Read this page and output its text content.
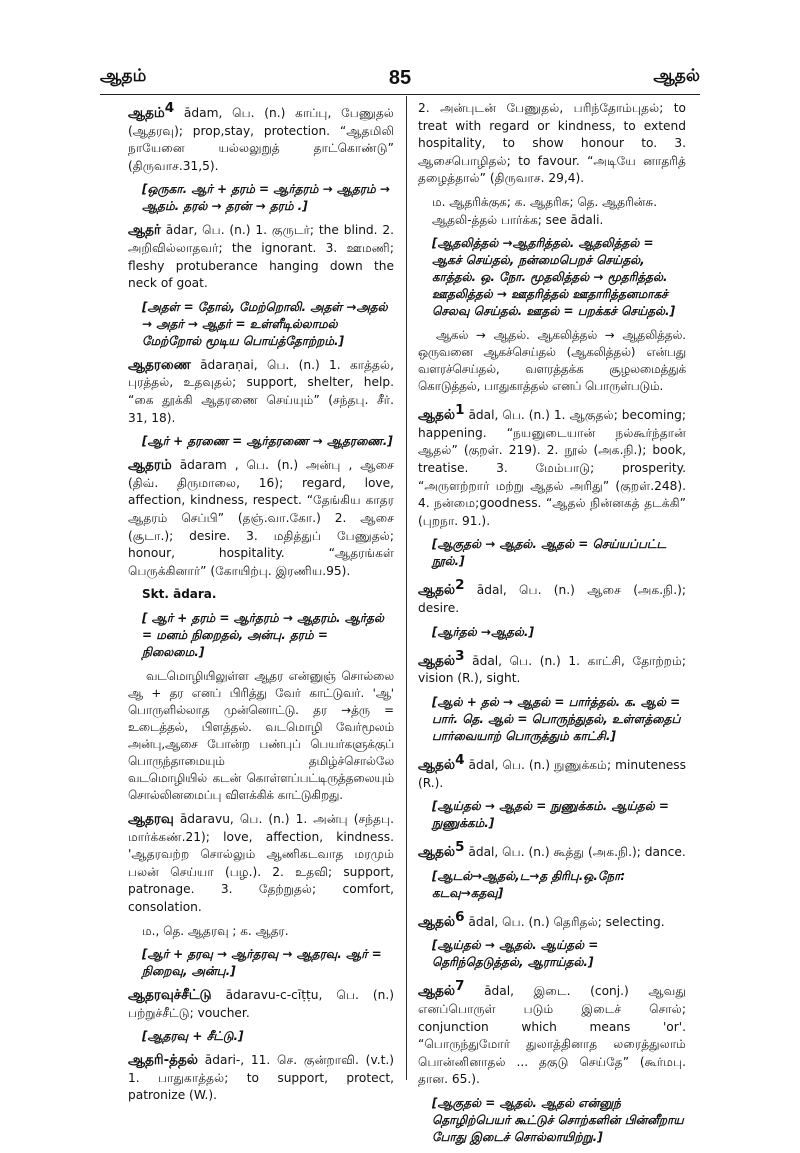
ஆதம்	85	ஆதல்
ஆதம்$^4$ ādam, பெ. (n.) காப்பு, பேணுதல் (ஆதரவு); prop,stay, protection. “ஆதமிலி நாயேனை யல்லலுறுத் தாட்கொண்டு” (திருவாச.31,5).
[ஒருகா. ஆர் + தரம் = ஆர்தரம் → ஆதரம் → ஆதம். தரல் → தரன் → தரம் .]
ஆதர் ādar, பெ. (n.) 1. குருடர்; the blind. 2. அறிவில்லாதவர்; the ignorant. 3. ஊமணி; fleshy protuberance hanging down the neck of goat.
[அதள் = தோல், மேற்றொலி. அதள் →அதல் → அதர் → ஆதர் = உள்ளீடில்லாமல் மேற்றோல் மூடிய பொய்த்தோற்றம்.]
ஆதரணை ādaraṇai, பெ. (n.) 1. காத்தல், புரத்தல், உதவுதல்; support, shelter, help. “கை தூக்கி ஆதரணை செய்யும்” (சந்தபு. சீர். 31, 18).
[ஆர் + தரணை = ஆர்தரணை → ஆதரணை.]
ஆதரம் ādaram , பெ. (n.) அன்பு , ஆசை (திவ். திருமாலை, 16); regard, love, affection, kindness, respect. “தேங்கிய காதர ஆதரம் செப்பி” (தஞ்.வா.கோ.) 2. ஆசை (சூடா.); desire. 3. மதித்துப் பேணுதல்; honour, hospitality. “ஆதரங்கள் பெருக்கினார்” (கோயிற்பு. இரணிய.95).
Skt. ādara.
[ ஆர் + தரம் = ஆர்தரம் → ஆதரம். ஆர்தல் = மனம் நிறைதல், அன்பு. தரம் = நிலைமை.]
வடமொழியிலுள்ள ஆதர என்னுஞ் சொல்லை ஆ + தர எனப் பிரித்து வேர் காட்டுவர். 'ஆ' பொருளில்லாத முன்னொட்டு. தர →த்ரு = உடைத்தல், பிளத்தல். வடமொழி வேர்மூலம் அன்பு,ஆசை போன்ற பண்புப் பெயர்களுக்குப் பொருந்தாமையும் தமிழ்ச்சொல்லே வடமொழியில் கடன் கொள்ளப்பட்டிருத்தலையும் சொல்லினமைப்பு விளக்கிக் காட்டுகிறது.
ஆதரவு ādaravu, பெ. (n.) 1. அன்பு (சந்தபு. மார்க்கண்.21); love, affection, kindness. 'ஆதரவற்ற சொல்லும் ஆணிகடவாத மரமும் பலன் செய்யா (பழ.). 2. உதவி; support, patronage. 3. தேற்றுதல்; comfort, consolation.
ம., தெ. ஆதரவு ; க. ஆதர.
[ஆர் + தரவு → ஆர்தரவு → ஆதரவு. ஆர் = நிறைவு, அன்பு.]
ஆதரவுச்சீட்டு ādaravu-c-cīṭṭu, பெ. (n.) பற்றுச்சீட்டு; voucher.
[ஆதரவு + சீட்டு.]
ஆதரி-த்தல் ādari-, 11. செ. குன்றாவி. (v.t.) 1. பாதுகாத்தல்; to support, protect, patronize (W.).
2. அன்புடன் பேணுதல், பரிந்தோம்புதல்; to treat with regard or kindness, to extend hospitality, to show honour to. 3. ஆசைபொழிதல்; to favour. “அடியே னாதரித் தழைத்தால்” (திருவாச. 29,4).
ம. ஆதரிக்குக; க. ஆதரிசு; தெ. ஆதரின்சு. ஆதலி-த்தல் பார்க்க; see ādali.
[ஆதலித்தல் →ஆதரித்தல். ஆதலித்தல் = ஆகச் செய்தல், நன்மைபெறச் செய்தல், காத்தல். ஒ. நோ. மூதலித்தல் → மூதரித்தல். ஊதலித்தல் → ஊதரித்தல் ஊதாரித்தனமாகச் செலவு செய்தல். ஊதல் = பறக்கச் செய்தல்.]
ஆகல் → ஆதல். ஆகலித்தல் → ஆதலித்தல். ஒருவனை ஆகச்செய்தல் (ஆகலித்தல்) என்பது வளரச்செய்தல், வளரத்தக்க சூழலமைத்துக் கொடுத்தல், பாதுகாத்தல் எனப் பொருள்படும்.
ஆதல்$^1$ ādal, பெ. (n.) 1. ஆகுதல்; becoming; happening. “நயனுடையான் நல்கூர்ந்தான் ஆதல்” (குறள். 219). 2. நூல் (அக.நி.); book, treatise. 3. மேம்பாடு; prosperity. “அருளற்றார் மற்று ஆதல் அரிது” (குறள்.248). 4. நன்மை;goodness. “ஆதல் நின்னகத் தடக்கி” (புறநா. 91.).
[ஆகுதல் → ஆதல். ஆதல் = செய்யப்பட்ட நூல்.]
ஆதல்$^2$ ādal, பெ. (n.) ஆசை (அக.நி.); desire.
[ஆர்தல் →ஆதல்.]
ஆதல்$^3$ ādal, பெ. (n.) 1. காட்சி, தோற்றம்; vision (R.), sight.
[ஆல் + தல் → ஆதல் = பார்த்தல். க. ஆல் = பார். தெ. ஆல் = பொருந்துதல், உள்ளத்தைப் பார்வையாற் பொருத்தும் காட்சி.]
ஆதல்$^4$ ādal, பெ. (n.) நுணுக்கம்; minuteness (R.).
[ஆய்தல் → ஆதல் = நுணுக்கம். ஆய்தல் = நுணுக்கம்.]
ஆதல்$^5$ ādal, பெ. (n.) கூத்து (அக.நி.); dance.
[ஆடல்→ஆதல்,ட→த திரிபு.ஒ.நோ: கடவு→கதவு]
ஆதல்$^6$ ādal, பெ. (n.) தெரிதல்; selecting.
[ஆய்தல் → ஆதல். ஆய்தல் = தெரிந்தெடுத்தல், ஆராய்தல்.]
ஆதல்$^7$ ādal, இடை. (conj.) ஆவது எனப்பொருள் படும் இடைச் சொல்; conjunction which means 'or'. “பொருந்துமோர் துலாத்தினாத லரைத்துலாம் பொன்னினாதல் ... தகுடு செய்தே” (கூர்மபு. தான. 65.).
[ஆகுதல் = ஆதல். ஆதல் என்னுந் தொழிற்பெயர் கூட்டுச் சொற்களின் பின்னீறாய போது இடைச் சொல்லாயிற்று.]
